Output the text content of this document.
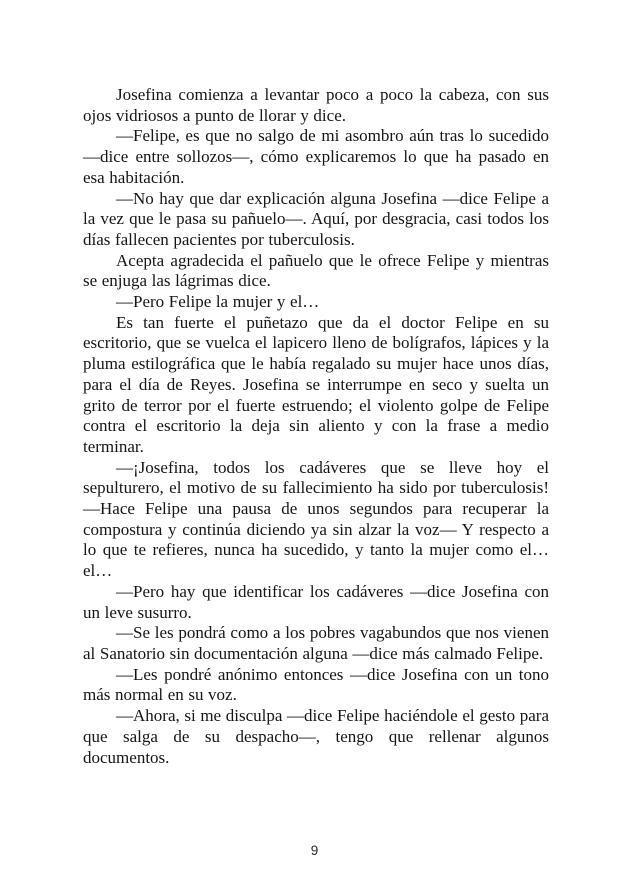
Josefina comienza a levantar poco a poco la cabeza, con sus ojos vidriosos a punto de llorar y dice.

—Felipe, es que no salgo de mi asombro aún tras lo sucedido —dice entre sollozos—, cómo explicaremos lo que ha pasado en esa habitación.

—No hay que dar explicación alguna Josefina —dice Felipe a la vez que le pasa su pañuelo—. Aquí, por desgracia, casi todos los días fallecen pacientes por tuberculosis.

Acepta agradecida el pañuelo que le ofrece Felipe y mientras se enjuga las lágrimas dice.

—Pero Felipe la mujer y el…

Es tan fuerte el puñetazo que da el doctor Felipe en su escritorio, que se vuelca el lapicero lleno de bolígrafos, lápices y la pluma estilográfica que le había regalado su mujer hace unos días, para el día de Reyes. Josefina se interrumpe en seco y suelta un grito de terror por el fuerte estruendo; el violento golpe de Felipe contra el escritorio la deja sin aliento y con la frase a medio terminar.

—¡Josefina, todos los cadáveres que se lleve hoy el sepulturero, el motivo de su fallecimiento ha sido por tuberculosis! —Hace Felipe una pausa de unos segundos para recuperar la compostura y continúa diciendo ya sin alzar la voz— Y respecto a lo que te refieres, nunca ha sucedido, y tanto la mujer como el… el…

—Pero hay que identificar los cadáveres —dice Josefina con un leve susurro.

—Se les pondrá como a los pobres vagabundos que nos vienen al Sanatorio sin documentación alguna —dice más calmado Felipe.

—Les pondré anónimo entonces —dice Josefina con un tono más normal en su voz.

—Ahora, si me disculpa —dice Felipe haciéndole el gesto para que salga de su despacho—, tengo que rellenar algunos documentos.

9
